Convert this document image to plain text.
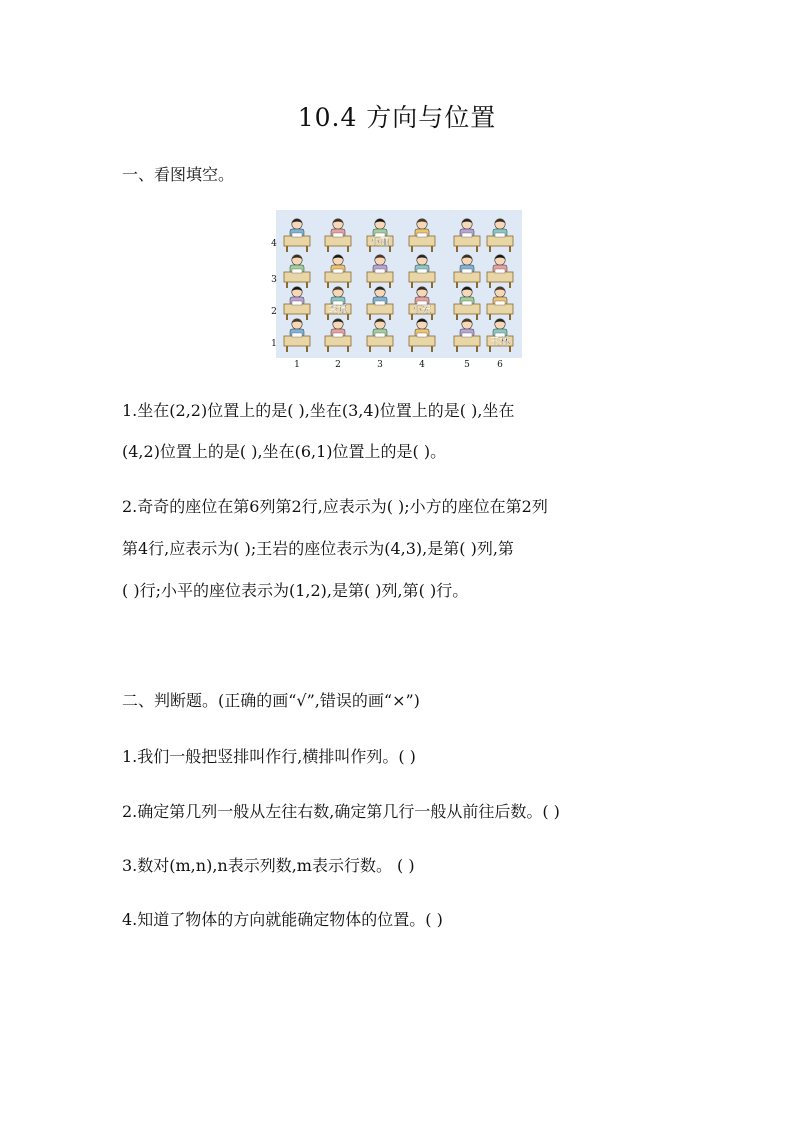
10.4 方向与位置
一、看图填空。
小丽
李斌	小宏
王林
4
3
2
1
1	2	3	4	5	6
1.坐在(2,2)位置上的是( ),坐在(3,4)位置上的是( ),坐在
(4,2)位置上的是( ),坐在(6,1)位置上的是( )。
2.奇奇的座位在第6列第2行,应表示为( );小方的座位在第2列
第4行,应表示为( );王岩的座位表示为(4,3),是第( )列,第
( )行;小平的座位表示为(1,2),是第( )列,第( )行。
二、判断题。(正确的画“√”,错误的画“×”)
1.我们一般把竖排叫作行,横排叫作列。( )
2.确定第几列一般从左往右数,确定第几行一般从前往后数。( )
3.数对(m,n),n表示列数,m表示行数。 ( )
4.知道了物体的方向就能确定物体的位置。( )
